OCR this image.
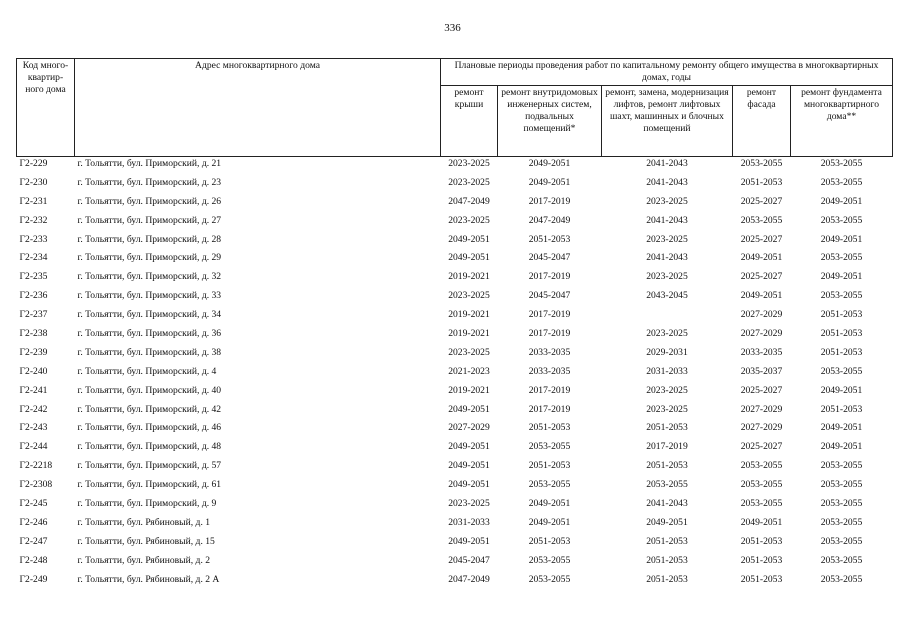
336
Код много-квартир-ного дома	Адрес многоквартирного дома	Плановые периоды проведения работ по капитальному ремонту общего имущества в многоквартирных домах, годы				
		ремонт крыши	ремонт внутридомовых инженерных систем, подвальных помещений*	ремонт, замена, модернизация лифтов, ремонт лифтовых шахт, машинных и блочных помещений	ремонт фасада	ремонт фундамента многоквартирного дома**
Г2-229	г. Тольятти, бул. Приморский, д. 21	2023-2025	2049-2051	2041-2043	2053-2055	2053-2055
Г2-230	г. Тольятти, бул. Приморский, д. 23	2023-2025	2049-2051	2041-2043	2051-2053	2053-2055
Г2-231	г. Тольятти, бул. Приморский, д. 26	2047-2049	2017-2019	2023-2025	2025-2027	2049-2051
Г2-232	г. Тольятти, бул. Приморский, д. 27	2023-2025	2047-2049	2041-2043	2053-2055	2053-2055
Г2-233	г. Тольятти, бул. Приморский, д. 28	2049-2051	2051-2053	2023-2025	2025-2027	2049-2051
Г2-234	г. Тольятти, бул. Приморский, д. 29	2049-2051	2045-2047	2041-2043	2049-2051	2053-2055
Г2-235	г. Тольятти, бул. Приморский, д. 32	2019-2021	2017-2019	2023-2025	2025-2027	2049-2051
Г2-236	г. Тольятти, бул. Приморский, д. 33	2023-2025	2045-2047	2043-2045	2049-2051	2053-2055
Г2-237	г. Тольятти, бул. Приморский, д. 34	2019-2021	2017-2019		2027-2029	2051-2053
Г2-238	г. Тольятти, бул. Приморский, д. 36	2019-2021	2017-2019	2023-2025	2027-2029	2051-2053
Г2-239	г. Тольятти, бул. Приморский, д. 38	2023-2025	2033-2035	2029-2031	2033-2035	2051-2053
Г2-240	г. Тольятти, бул. Приморский, д. 4	2021-2023	2033-2035	2031-2033	2035-2037	2053-2055
Г2-241	г. Тольятти, бул. Приморский, д. 40	2019-2021	2017-2019	2023-2025	2025-2027	2049-2051
Г2-242	г. Тольятти, бул. Приморский, д. 42	2049-2051	2017-2019	2023-2025	2027-2029	2051-2053
Г2-243	г. Тольятти, бул. Приморский, д. 46	2027-2029	2051-2053	2051-2053	2027-2029	2049-2051
Г2-244	г. Тольятти, бул. Приморский, д. 48	2049-2051	2053-2055	2017-2019	2025-2027	2049-2051
Г2-2218	г. Тольятти, бул. Приморский, д. 57	2049-2051	2051-2053	2051-2053	2053-2055	2053-2055
Г2-2308	г. Тольятти, бул. Приморский, д. 61	2049-2051	2053-2055	2053-2055	2053-2055	2053-2055
Г2-245	г. Тольятти, бул. Приморский, д. 9	2023-2025	2049-2051	2041-2043	2053-2055	2053-2055
Г2-246	г. Тольятти, бул. Рябиновый, д. 1	2031-2033	2049-2051	2049-2051	2049-2051	2053-2055
Г2-247	г. Тольятти, бул. Рябиновый, д. 15	2049-2051	2051-2053	2051-2053	2051-2053	2053-2055
Г2-248	г. Тольятти, бул. Рябиновый, д. 2	2045-2047	2053-2055	2051-2053	2051-2053	2053-2055
Г2-249	г. Тольятти, бул. Рябиновый, д. 2 А	2047-2049	2053-2055	2051-2053	2051-2053	2053-2055
